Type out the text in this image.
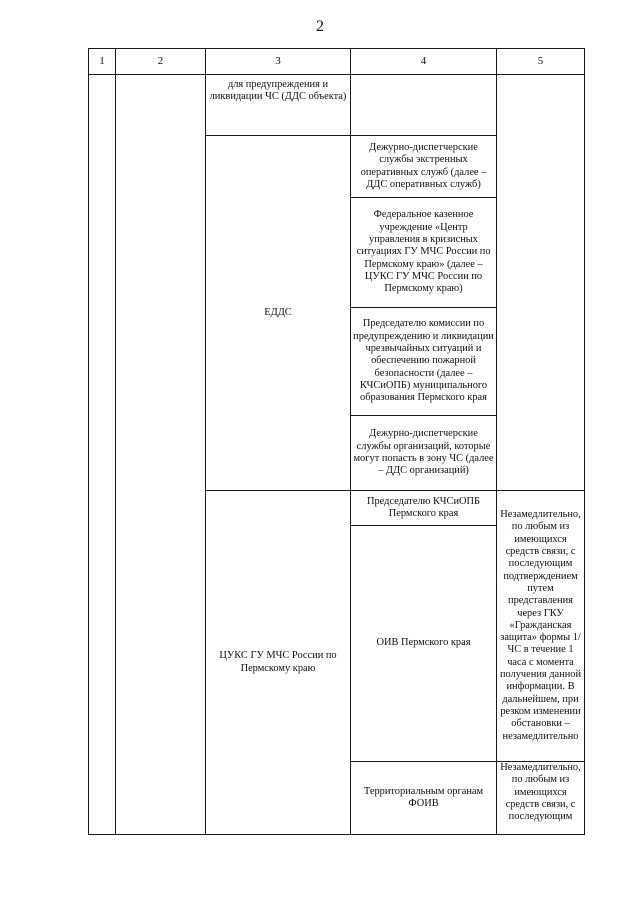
2
1	2	3	4	5
		для предупреждения и ликвидации ЧС (ДДС объекта)		
		ЕДДС	Дежурно-диспетчерские службы экстренных оперативных служб (далее – ДДС оперативных служб)	
			Федеральное казенное учреждение «Центр управления в кризисных ситуациях ГУ МЧС России по Пермскому краю» (далее – ЦУКС ГУ МЧС России по Пермскому краю)	
			Председателю комиссии по предупреждению и ликвидации чрезвычайных ситуаций и обеспечению пожарной безопасности (далее – КЧСиОПБ) муниципального образования Пермского края	
			Дежурно-диспетчерские службы организаций, которые могут попасть в зону ЧС (далее – ДДС организаций)	
		ЦУКС ГУ МЧС России по Пермскому краю	Председателю КЧСиОПБ Пермского края	Незамедлительно, по любым из имеющихся средств связи, с последующим подтверждением путем представления через ГКУ «Гражданская защита» формы 1/ЧС в течение 1 часа с момента получения данной информации. В дальнейшем, при резком изменении обстановки – незамедлительно
			ОИВ Пермского края	
			Территориальным органам ФОИВ	Незамедлительно, по любым из имеющихся средств связи, с последующим
